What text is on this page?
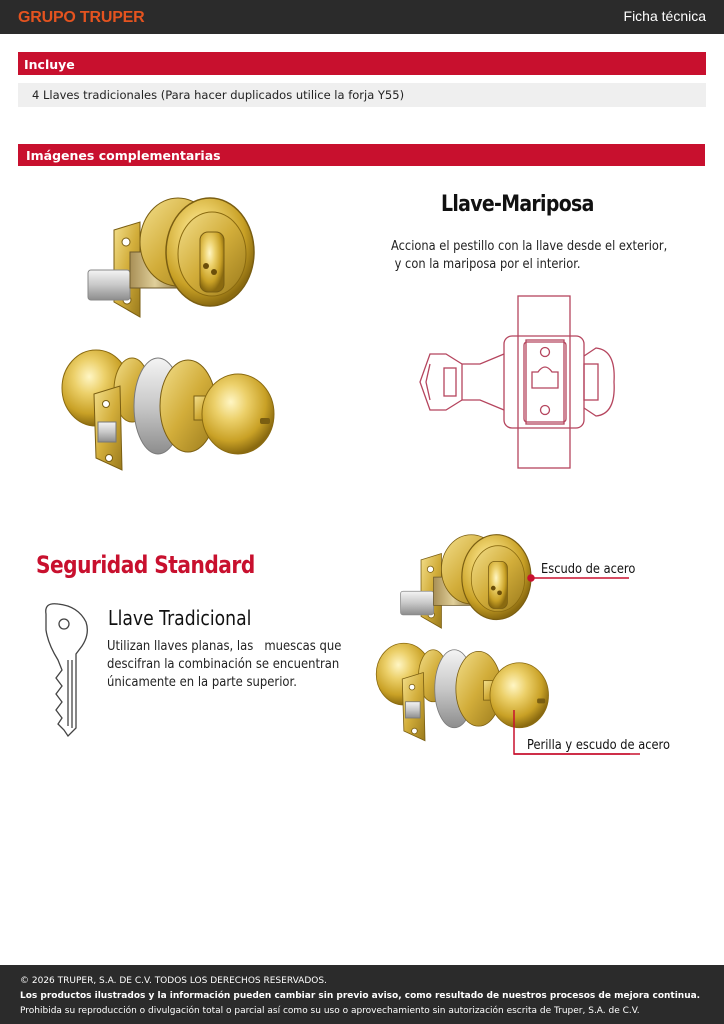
GRUPO TRUPER	Ficha técnica
Incluye
4 Llaves tradicionales (Para hacer duplicados utilice la forja Y55)
Imágenes complementarias
Llave-Mariposa
Acciona el pestillo con la llave desde el exterior,
y con la mariposa por el interior.
Seguridad Standard
Llave Tradicional
Utilizan llaves planas, las   muescas que
descifran la combinación se encuentran
únicamente en la parte superior.
Escudo de acero
Perilla y escudo de acero
© 2026 TRUPER, S.A. DE C.V. TODOS LOS DERECHOS RESERVADOS.
Los productos ilustrados y la información pueden cambiar sin previo aviso, como resultado de nuestros procesos de mejora continua.
Prohibida su reproducción o divulgación total o parcial así como su uso o aprovechamiento sin autorización escrita de Truper, S.A. de C.V.
